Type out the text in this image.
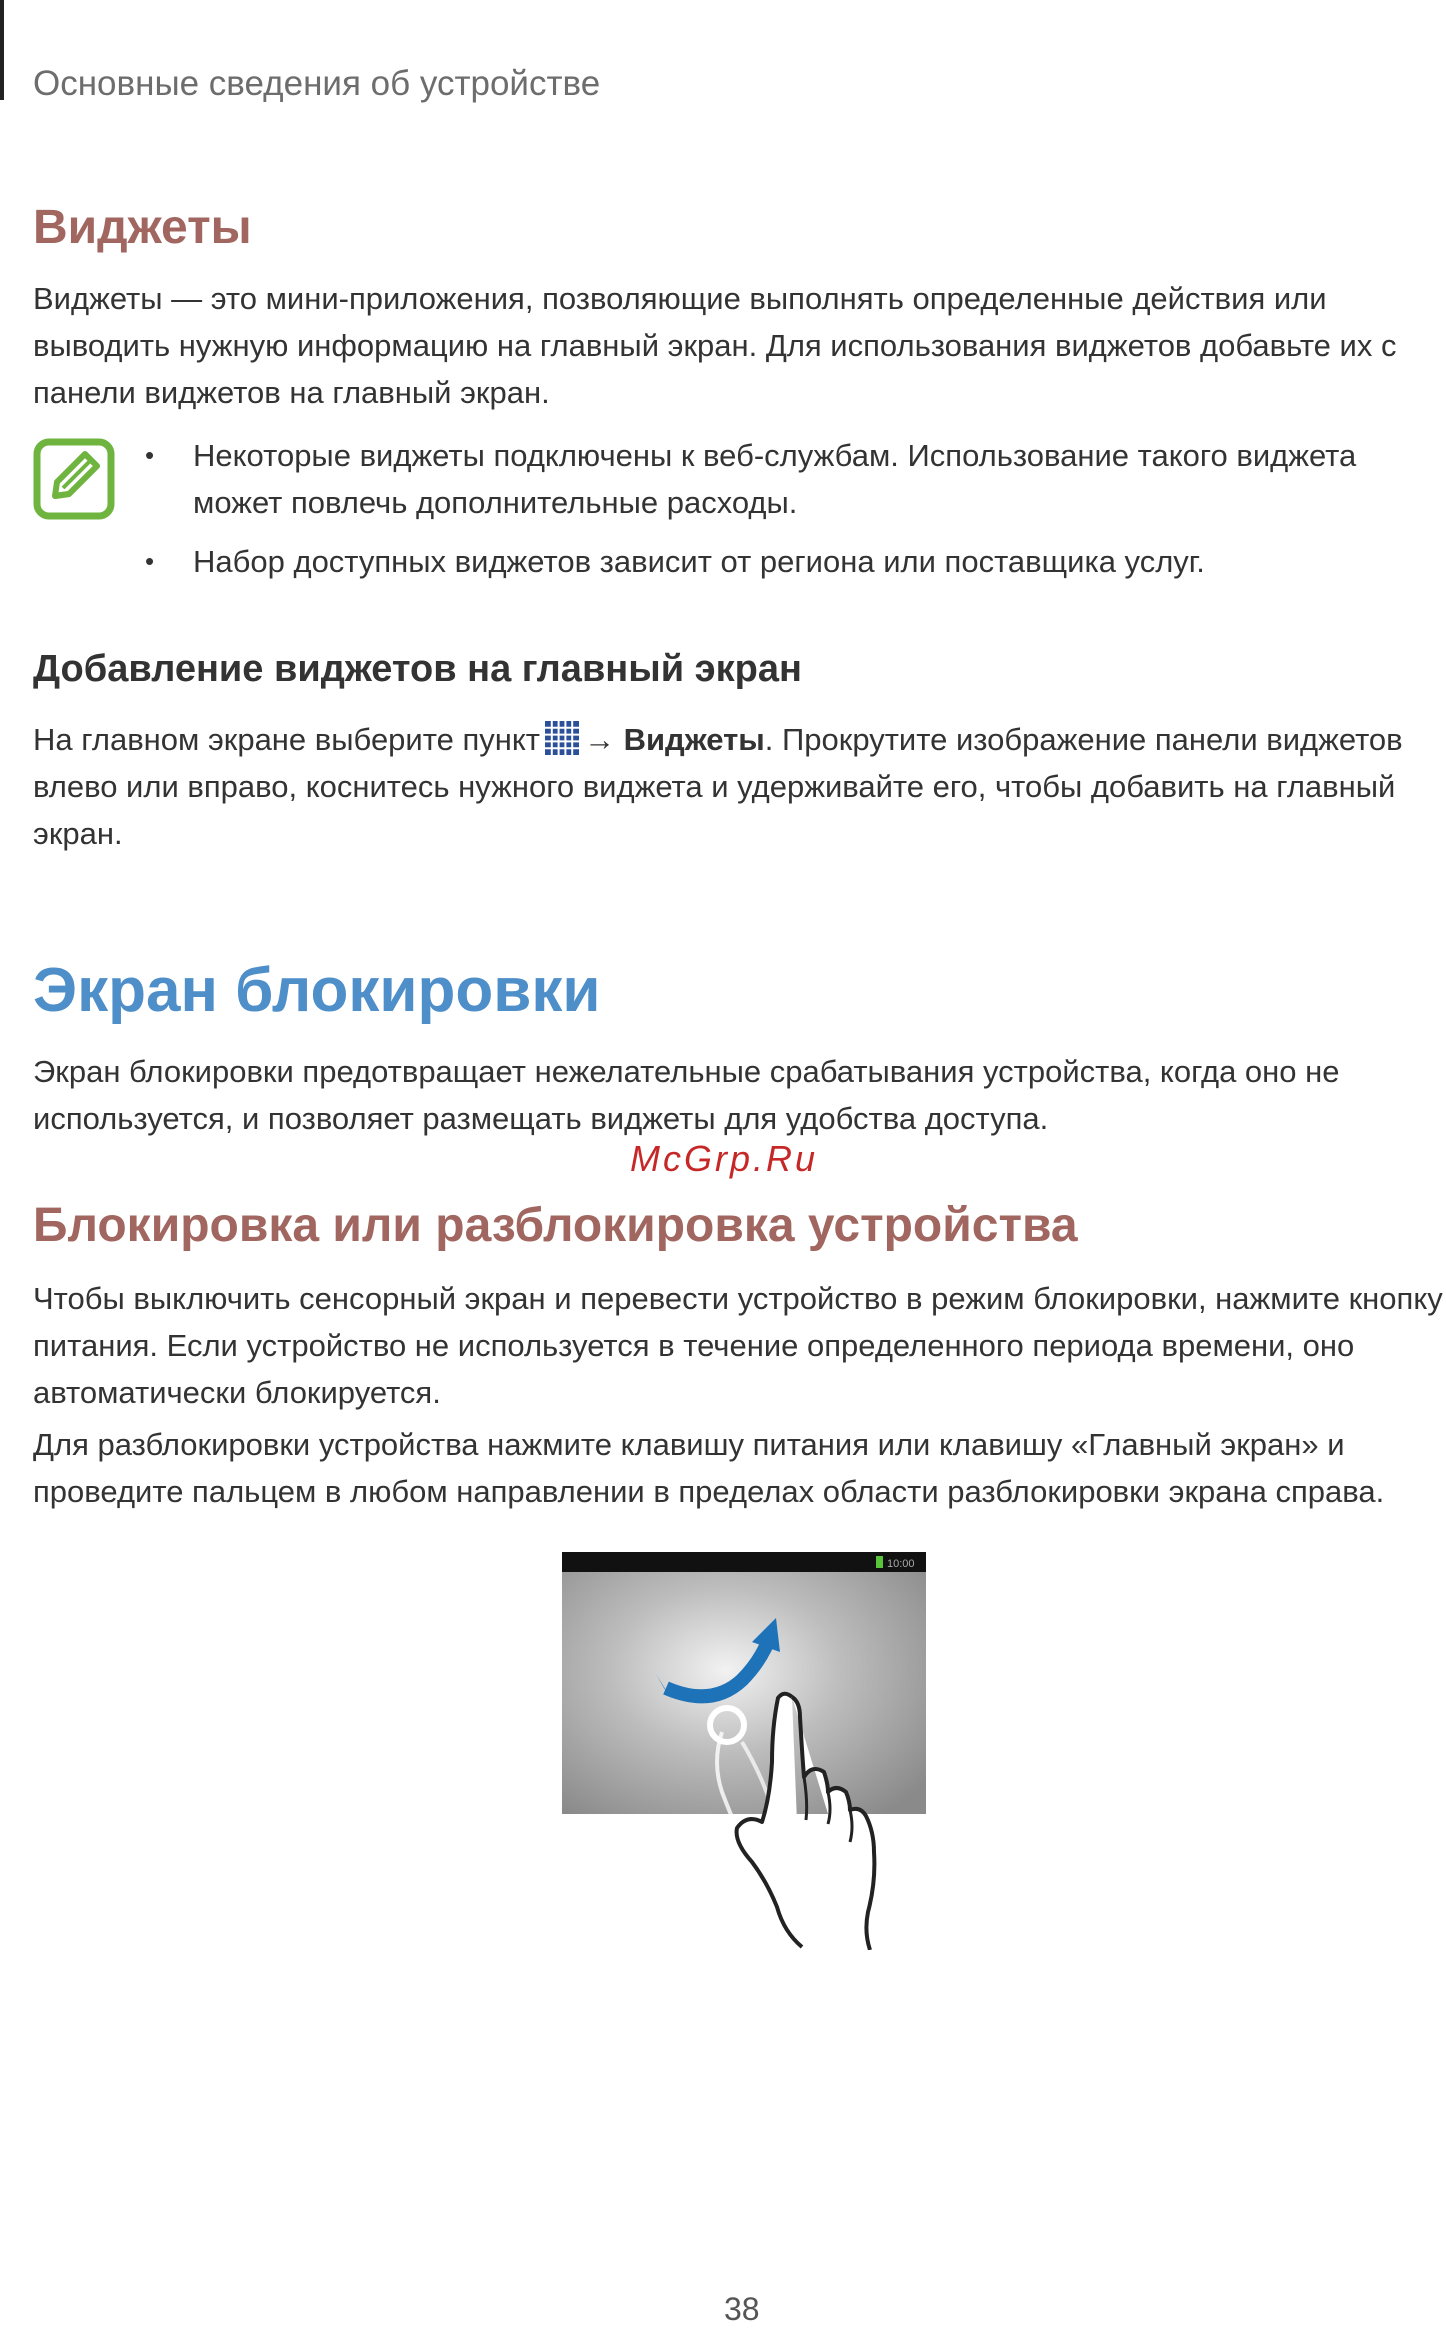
Основные сведения об устройстве
Виджеты
Виджеты — это мини-приложения, позволяющие выполнять определенные действия или
выводить нужную информацию на главный экран. Для использования виджетов добавьте их с
панели виджетов на главный экран.
• Некоторые виджеты подключены к веб-службам. Использование такого виджета может повлечь дополнительные расходы.
• Набор доступных виджетов зависит от региона или поставщика услуг.
Добавление виджетов на главный экран
На главном экране выберите пункт → Виджеты. Прокрутите изображение панели виджетов
влево или вправо, коснитесь нужного виджета и удерживайте его, чтобы добавить на главный
экран.
Экран блокировки
Экран блокировки предотвращает нежелательные срабатывания устройства, когда оно не
используется, и позволяет размещать виджеты для удобства доступа.
McGrp.Ru
Блокировка или разблокировка устройства
Чтобы выключить сенсорный экран и перевести устройство в режим блокировки, нажмите кнопку
питания. Если устройство не используется в течение определенного периода времени, оно
автоматически блокируется.
Для разблокировки устройства нажмите клавишу питания или клавишу «Главный экран» и
проведите пальцем в любом направлении в пределах области разблокировки экрана справа.
10:00
38
